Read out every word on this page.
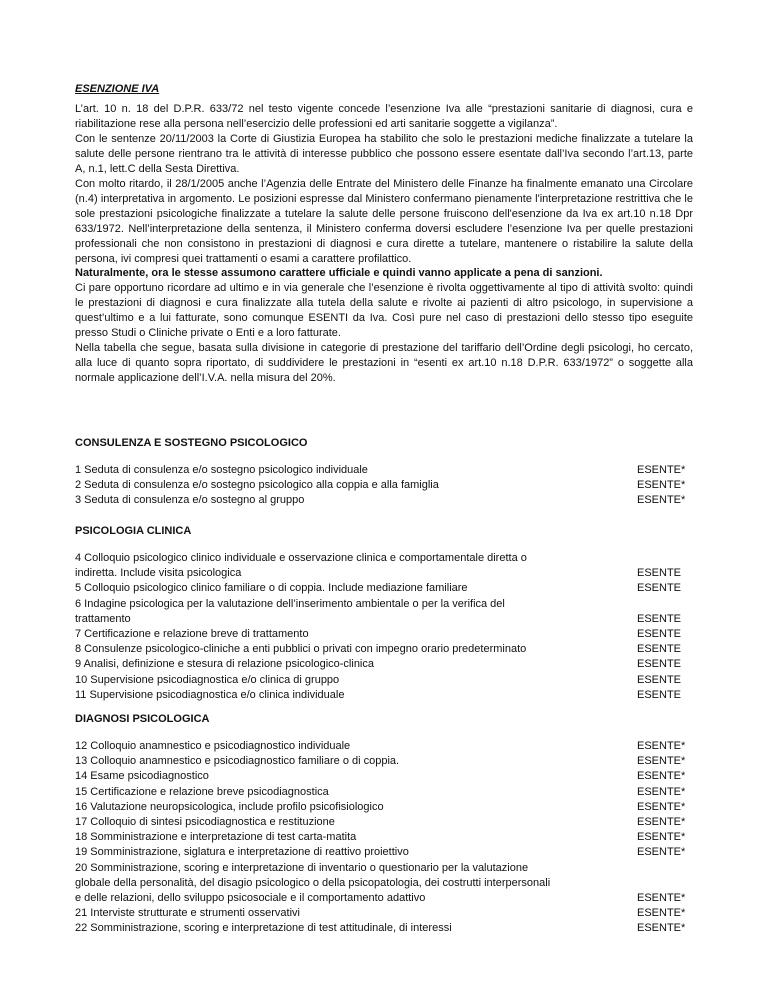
ESENZIONE IVA

L’art. 10 n. 18 del D.P.R. 633/72 nel testo vigente concede l’esenzione Iva alle “prestazioni sanitarie di diagnosi, cura e riabilitazione rese alla persona nell’esercizio delle professioni ed arti sanitarie soggette a vigilanza”.

Con le sentenze 20/11/2003 la Corte di Giustizia Europea ha stabilito che solo le prestazioni mediche finalizzate a tutelare la salute delle persone rientrano tra le attività di interesse pubblico che possono essere esentate dall’Iva secondo l’art.13, parte A, n.1, lett.C della Sesta Direttiva.

Con molto ritardo, il 28/1/2005 anche l’Agenzia delle Entrate del Ministero delle Finanze ha finalmente emanato una Circolare (n.4) interpretativa in argomento. Le posizioni espresse dal Ministero confermano pienamente l'interpretazione restrittiva che le sole prestazioni psicologiche finalizzate a tutelare la salute delle persone fruiscono dell'esenzione da Iva ex art.10 n.18 Dpr 633/1972. Nell’interpretazione della sentenza, il Ministero conferma doversi escludere l’esenzione Iva per quelle prestazioni professionali che non consistono in prestazioni di diagnosi e cura dirette a tutelare, mantenere o ristabilire la salute della persona, ivi compresi quei trattamenti o esami a carattere profilattico.

Naturalmente, ora le stesse assumono carattere ufficiale e quindi vanno applicate a pena di sanzioni.

Ci pare opportuno ricordare ad ultimo e in via generale che l’esenzione è rivolta oggettivamente al tipo di attività svolto: quindi le prestazioni di diagnosi e cura finalizzate alla tutela della salute e rivolte ai pazienti di altro psicologo, in supervisione a quest’ultimo e a lui fatturate, sono comunque ESENTI da Iva. Così pure nel caso di prestazioni dello stesso tipo eseguite presso Studi o Cliniche private o Enti e a loro fatturate.

Nella tabella che segue, basata sulla divisione in categorie di prestazione del tariffario dell’Ordine degli psicologi, ho cercato, alla luce di quanto sopra riportato, di suddividere le prestazioni in “esenti ex art.10 n.18 D.P.R. 633/1972” o soggette alla normale applicazione dell’I.V.A. nella misura del 20%.

CONSULENZA E SOSTEGNO PSICOLOGICO
1 Seduta di consulenza e/o sostegno psicologico individuale	ESENTE*
2 Seduta di consulenza e/o sostegno psicologico alla coppia e alla famiglia	ESENTE*
3 Seduta di consulenza e/o sostegno al gruppo	ESENTE*
PSICOLOGIA CLINICA
4 Colloquio psicologico clinico individuale e osservazione clinica e comportamentale diretta o indiretta. Include visita psicologica	ESENTE
5 Colloquio psicologico clinico familiare o di coppia. Include mediazione familiare	ESENTE
6 Indagine psicologica per la valutazione dell’inserimento ambientale o per la verifica del trattamento	ESENTE
7 Certificazione e relazione breve di trattamento	ESENTE
8 Consulenze psicologico-cliniche a enti pubblici o privati con impegno orario predeterminato	ESENTE
9 Analisi, definizione e stesura di relazione psicologico-clinica	ESENTE
10 Supervisione psicodiagnostica e/o clinica di gruppo	ESENTE
11 Supervisione psicodiagnostica e/o clinica individuale	ESENTE
DIAGNOSI PSICOLOGICA
12 Colloquio anamnestico e psicodiagnostico individuale	ESENTE*
13 Colloquio anamnestico e psicodiagnostico familiare o di coppia.	ESENTE*
14 Esame psicodiagnostico	ESENTE*
15 Certificazione e relazione breve psicodiagnostica	ESENTE*
16 Valutazione neuropsicologica, include profilo psicofisiologico	ESENTE*
17 Colloquio di sintesi psicodiagnostica e restituzione	ESENTE*
18 Somministrazione e interpretazione di test carta-matita	ESENTE*
19 Somministrazione, siglatura e interpretazione di reattivo proiettivo	ESENTE*
20 Somministrazione, scoring e interpretazione di inventario o questionario per la valutazione globale della personalità, del disagio psicologico o della psicopatologia, dei costrutti interpersonali e delle relazioni, dello sviluppo psicosociale e il comportamento adattivo	ESENTE*
21 Interviste strutturate e strumenti osservativi	ESENTE*
22 Somministrazione, scoring e interpretazione di test attitudinale, di interessi	ESENTE*
